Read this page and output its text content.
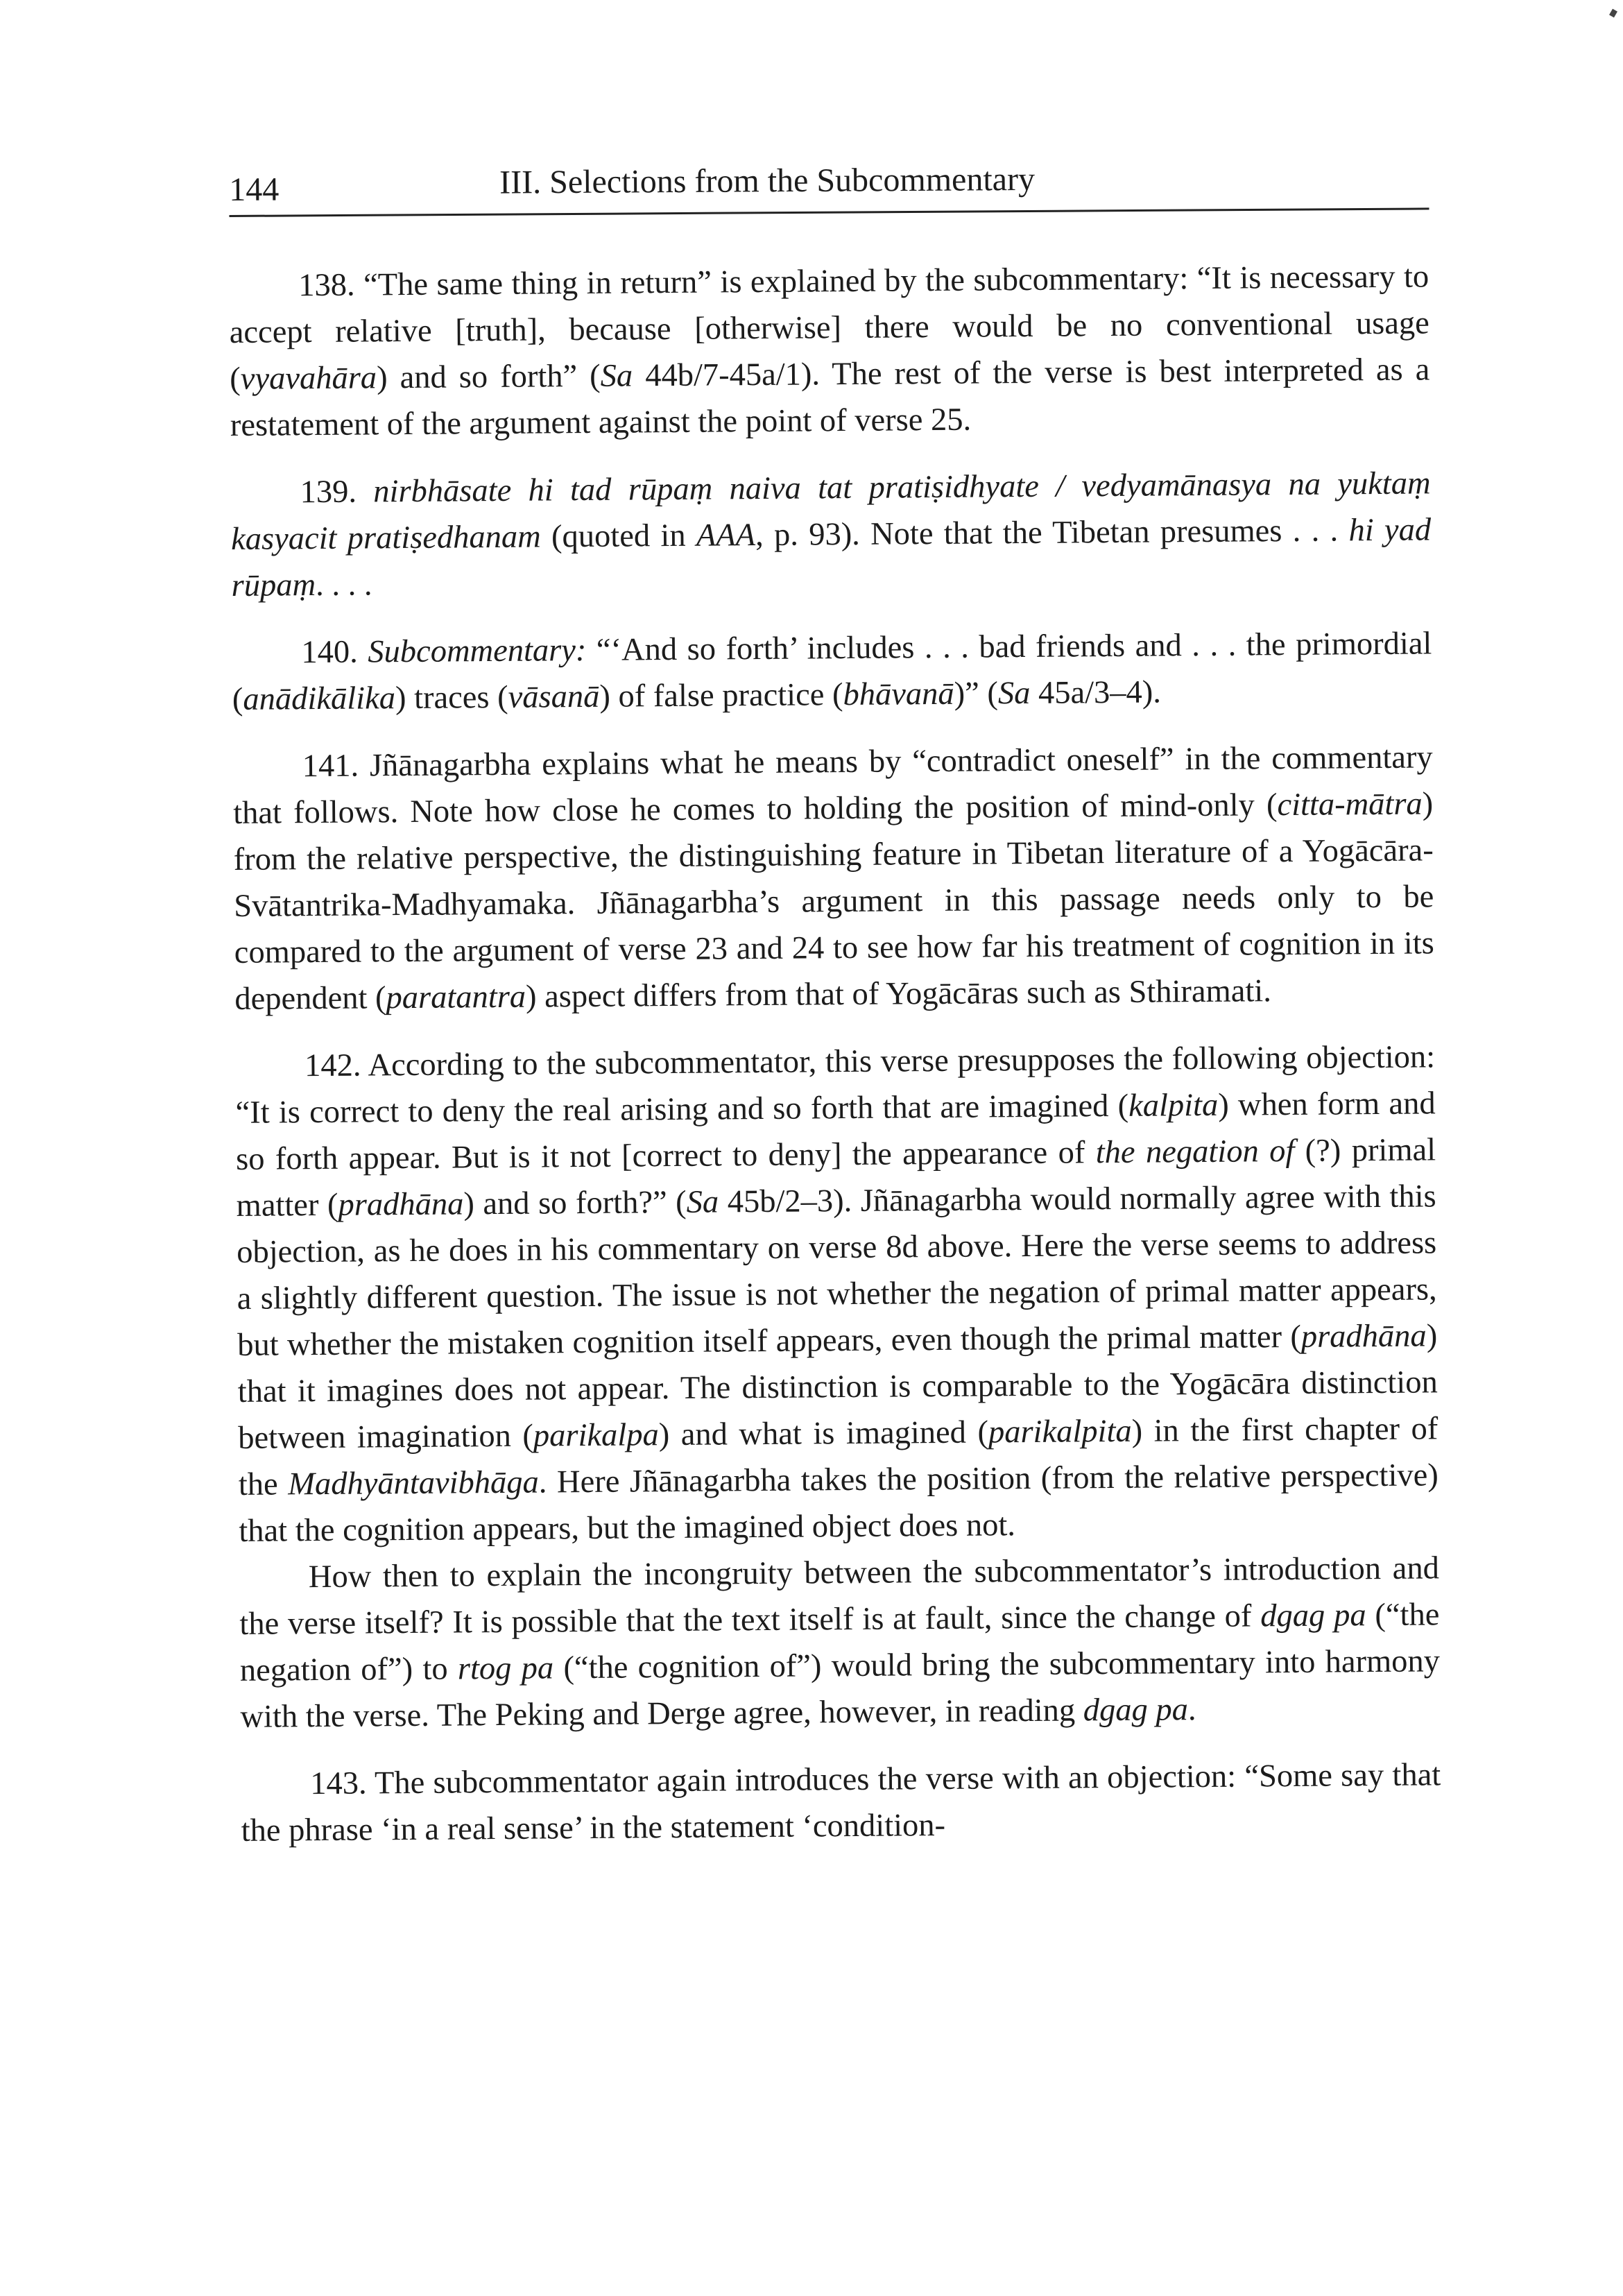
144	III. Selections from the Subcommentary

138. “The same thing in return” is explained by the subcommentary: “It is necessary to accept relative [truth], because [otherwise] there would be no conventional usage (vyavahāra) and so forth” (Sa 44b/7-45a/1). The rest of the verse is best interpreted as a restatement of the argument against the point of verse 25.

139. nirbhāsate hi tad rūpaṃ naiva tat pratiṣidhyate / vedyamānasya na yuktaṃ kasyacit pratiṣedhanam (quoted in AAA, p. 93). Note that the Tibetan presumes . . . hi yad rūpaṃ. . . .

140. Subcommentary: “‘And so forth’ includes . . . bad friends and . . . the primordial (anādikālika) traces (vāsanā) of false practice (bhāvanā)” (Sa 45a/3–4).

141. Jñānagarbha explains what he means by “contradict oneself” in the commentary that follows. Note how close he comes to holding the position of mind-only (citta-mātra) from the relative perspective, the distinguishing feature in Tibetan literature of a Yogācāra-Svātantrika-Madhyamaka. Jñānagarbha’s argument in this passage needs only to be compared to the argument of verse 23 and 24 to see how far his treatment of cognition in its dependent (paratantra) aspect differs from that of Yogācāras such as Sthiramati.

142. According to the subcommentator, this verse presupposes the following objection: “It is correct to deny the real arising and so forth that are imagined (kalpita) when form and so forth appear. But is it not [correct to deny] the appearance of the negation of (?) primal matter (pradhāna) and so forth?” (Sa 45b/2–3). Jñānagarbha would normally agree with this objection, as he does in his commentary on verse 8d above. Here the verse seems to address a slightly different question. The issue is not whether the negation of primal matter appears, but whether the mistaken cognition itself appears, even though the primal matter (pradhāna) that it imagines does not appear. The distinction is comparable to the Yogācāra distinction between imagination (parikalpa) and what is imagined (parikalpita) in the first chapter of the Madhyāntavibhāga. Here Jñānagarbha takes the position (from the relative perspective) that the cognition appears, but the imagined object does not.

How then to explain the incongruity between the subcommentator’s introduction and the verse itself? It is possible that the text itself is at fault, since the change of dgag pa (“the negation of”) to rtog pa (“the cognition of”) would bring the subcommentary into harmony with the verse. The Peking and Derge agree, however, in reading dgag pa.

143. The subcommentator again introduces the verse with an objection: “Some say that the phrase ‘in a real sense’ in the statement ‘condition-
